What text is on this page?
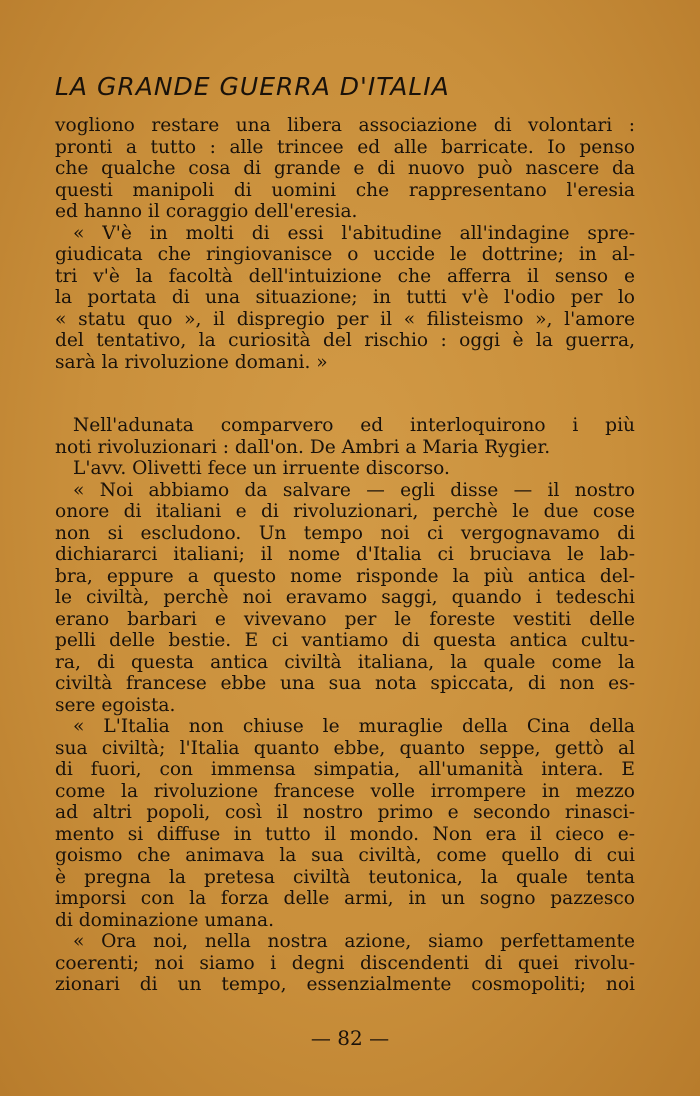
LA GRANDE GUERRA D'ITALIA
vogliono restare una libera associazione di volontari :
pronti a tutto : alle trincee ed alle barricate. Io penso
che qualche cosa di grande e di nuovo può nascere da
questi manipoli di uomini che rappresentano l'eresia
ed hanno il coraggio dell'eresia.
« V'è in molti di essi l'abitudine all'indagine spre-
giudicata che ringiovanisce o uccide le dottrine; in al-
tri v'è la facoltà dell'intuizione che afferra il senso e
la portata di una situazione; in tutti v'è l'odio per lo
« statu quo », il dispregio per il « filisteismo », l'amore
del tentativo, la curiosità del rischio : oggi è la guerra,
sarà la rivoluzione domani. »
Nell'adunata comparvero ed interloquirono i più
noti rivoluzionari : dall'on. De Ambri a Maria Rygier.
L'avv. Olivetti fece un irruente discorso.
« Noi abbiamo da salvare — egli disse — il nostro
onore di italiani e di rivoluzionari, perchè le due cose
non si escludono. Un tempo noi ci vergognavamo di
dichiararci italiani; il nome d'Italia ci bruciava le lab-
bra, eppure a questo nome risponde la più antica del-
le civiltà, perchè noi eravamo saggi, quando i tedeschi
erano barbari e vivevano per le foreste vestiti delle
pelli delle bestie. E ci vantiamo di questa antica cultu-
ra, di questa antica civiltà italiana, la quale come la
civiltà francese ebbe una sua nota spiccata, di non es-
sere egoista.
« L'Italia non chiuse le muraglie della Cina della
sua civiltà; l'Italia quanto ebbe, quanto seppe, gettò al
di fuori, con immensa simpatia, all'umanità intera. E
come la rivoluzione francese volle irrompere in mezzo
ad altri popoli, così il nostro primo e secondo rinasci-
mento si diffuse in tutto il mondo. Non era il cieco e-
goismo che animava la sua civiltà, come quello di cui
è pregna la pretesa civiltà teutonica, la quale tenta
imporsi con la forza delle armi, in un sogno pazzesco
di dominazione umana.
« Ora noi, nella nostra azione, siamo perfettamente
coerenti; noi siamo i degni discendenti di quei rivolu-
zionari di un tempo, essenzialmente cosmopoliti; noi
— 82 —
